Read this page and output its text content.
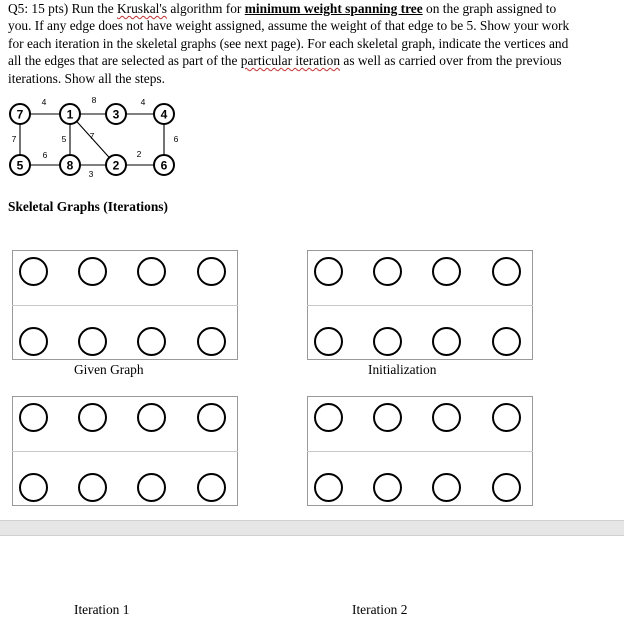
Q5: 15 pts) Run the Kruskal's algorithm for minimum weight spanning tree on the graph assigned to
you. If any edge does not have weight assigned, assume the weight of that edge to be 5. Show your work
for each iteration in the skeletal graphs (see next page). For each skeletal graph, indicate the vertices and
all the edges that are selected as part of the particular iteration as well as carried over from the previous
iterations. Show all the steps.
4	8	4
7	5	7	6
6
3
2
7	1	3	4
5	8	2	6
Skeletal Graphs (Iterations)
Given Graph	Initialization
Iteration 1	Iteration 2
